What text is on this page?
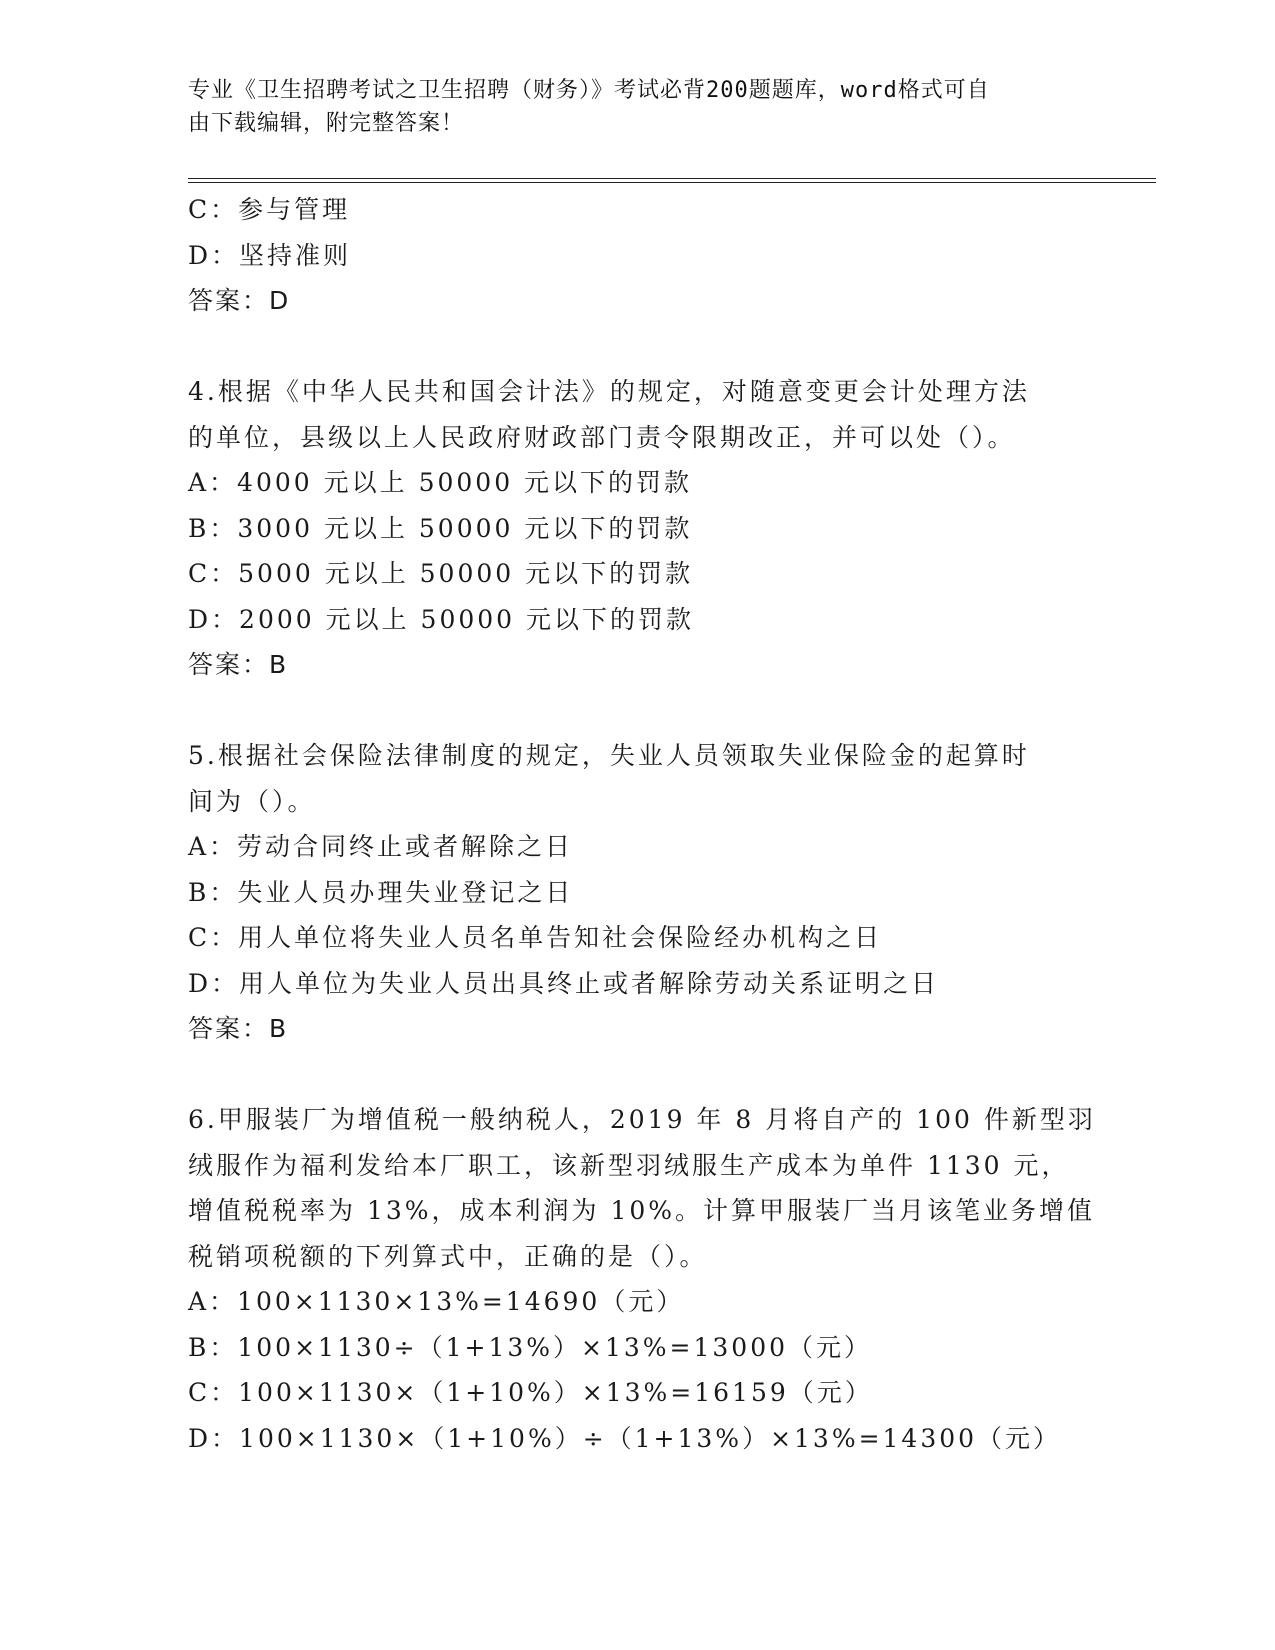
专业《卫生招聘考试之卫生招聘（财务）》考试必背200题题库，word格式可自
由下载编辑，附完整答案！
C：参与管理
D：坚持准则
答案：D
4.根据《中华人民共和国会计法》的规定，对随意变更会计处理方法
的单位，县级以上人民政府财政部门责令限期改正，并可以处（）。
A：4000 元以上 50000 元以下的罚款
B：3000 元以上 50000 元以下的罚款
C：5000 元以上 50000 元以下的罚款
D：2000 元以上 50000 元以下的罚款
答案：B
5.根据社会保险法律制度的规定，失业人员领取失业保险金的起算时
间为（）。
A：劳动合同终止或者解除之日
B：失业人员办理失业登记之日
C：用人单位将失业人员名单告知社会保险经办机构之日
D：用人单位为失业人员出具终止或者解除劳动关系证明之日
答案：B
6.甲服装厂为增值税一般纳税人，2019 年 8 月将自产的 100 件新型羽
绒服作为福利发给本厂职工，该新型羽绒服生产成本为单件 1130 元，
增值税税率为 13%，成本利润为 10%。计算甲服装厂当月该笔业务增值
税销项税额的下列算式中，正确的是（）。
A：100×1130×13%=14690（元）
B：100×1130÷（1+13%）×13%=13000（元）
C：100×1130×（1+10%）×13%=16159（元）
D：100×1130×（1+10%）÷（1+13%）×13%=14300（元）
